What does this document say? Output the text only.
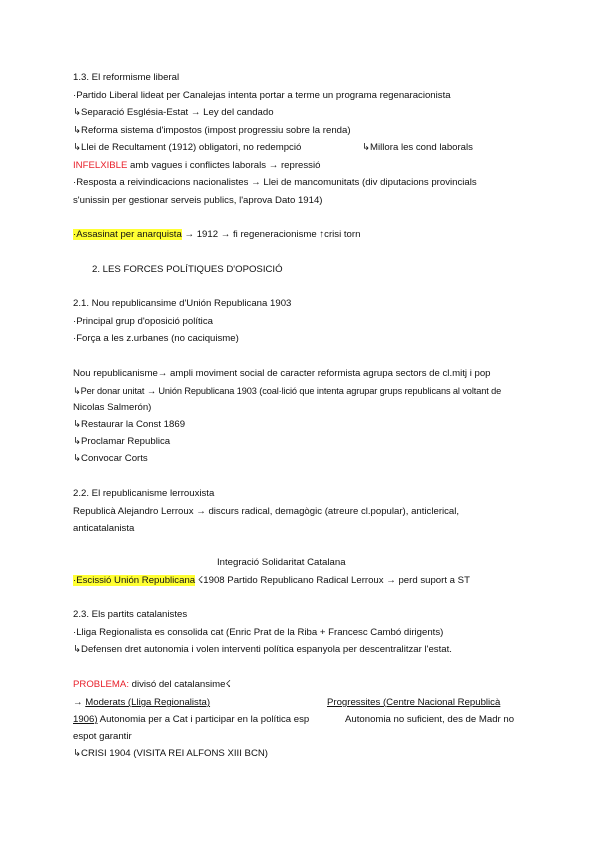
1.3. El reformisme liberal
·Partido Liberal lideat per Canalejas intenta portar a terme un programa regenaracionista
↳Separació Església-Estat → Ley del candado
↳Reforma sistema d'impostos (impost progressiu sobre la renda)
↳Llei de Recultament (1912) obligatori, no redempció	↳Millora les cond laborals
INFELXIBLE amb vagues i conflictes laborals → repressió
·Resposta a reivindicacions nacionalistes → Llei de mancomunitats (div diputacions provincials
s'unissin per gestionar serveis publics, l'aprova Dato 1914)
·Assasinat per anarquista → 1912 → fi regeneracionisme ↑crisi torn
2. LES FORCES POLÍTIQUES D'OPOSICIÓ
2.1. Nou republicansime d'Unión Republicana 1903
·Principal grup d'oposició política
·Força a les z.urbanes (no caciquisme)
Nou republicanisme→ ampli moviment social de caracter reformista agrupa sectors de cl.mitj i pop
↳Per donar unitat → Unión Republicana 1903 (coal·lició que intenta agrupar grups republicans al voltant de
Nicolas Salmerón)
↳Restaurar la Const 1869
↳Proclamar Republica
↳Convocar Corts
2.2. El republicanisme lerrouxista
Republicà Alejandro Lerroux → discurs radical, demagògic (atreure cl.popular), anticlerical,
anticatalanista
Integració Solidaritat Catalana
·Escissió Unión Republicana ☇1908 Partido Republicano Radical Lerroux → perd suport a ST
2.3. Els partits catalanistes
·Lliga Regionalista es consolida cat (Enric Prat de la Riba + Francesc Cambó dirigents)
↳Defensen dret autonomia i volen interventi política espanyola per descentralitzar l'estat.
PROBLEMA: divisó del catalansime☇
→ Moderats (Lliga Regionalista)	Progressites (Centre Nacional Republicà
1906) Autonomia per a Cat i participar en la política esp	Autonomia no suficient, des de Madr no
espot garantir
↳CRISI 1904 (VISITA REI ALFONS XIII BCN)
